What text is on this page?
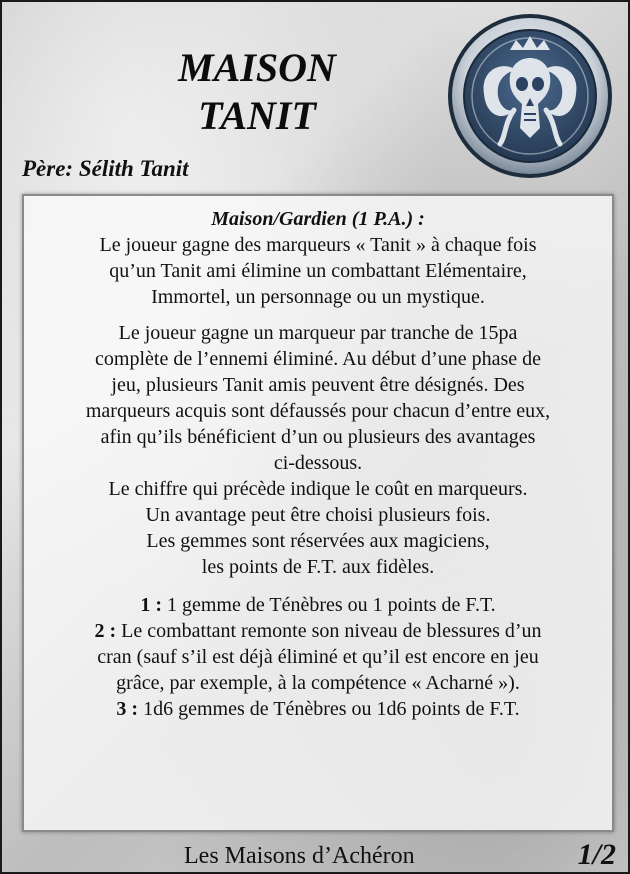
MAISON
TANIT
Père: Sélith Tanit
Maison/Gardien (1 P.A.) :
Le joueur gagne des marqueurs « Tanit » à chaque fois
qu’un Tanit ami élimine un combattant Elémentaire,
Immortel, un personnage ou un mystique.
Le joueur gagne un marqueur par tranche de 15pa
complète de l’ennemi éliminé. Au début d’une phase de
jeu, plusieurs Tanit amis peuvent être désignés. Des
marqueurs acquis sont défaussés pour chacun d’entre eux,
afin qu’ils bénéficient d’un ou plusieurs des avantages
ci-dessous.
Le chiffre qui précède indique le coût en marqueurs.
Un avantage peut être choisi plusieurs fois.
Les gemmes sont réservées aux magiciens,
les points de F.T. aux fidèles.
1 : 1 gemme de Ténèbres ou 1 points de F.T.
2 : Le combattant remonte son niveau de blessures d’un
cran (sauf s’il est déjà éliminé et qu’il est encore en jeu
grâce, par exemple, à la compétence « Acharné »).
3 : 1d6 gemmes de Ténèbres ou 1d6 points de F.T.
Les Maisons d’Achéron	1/2
